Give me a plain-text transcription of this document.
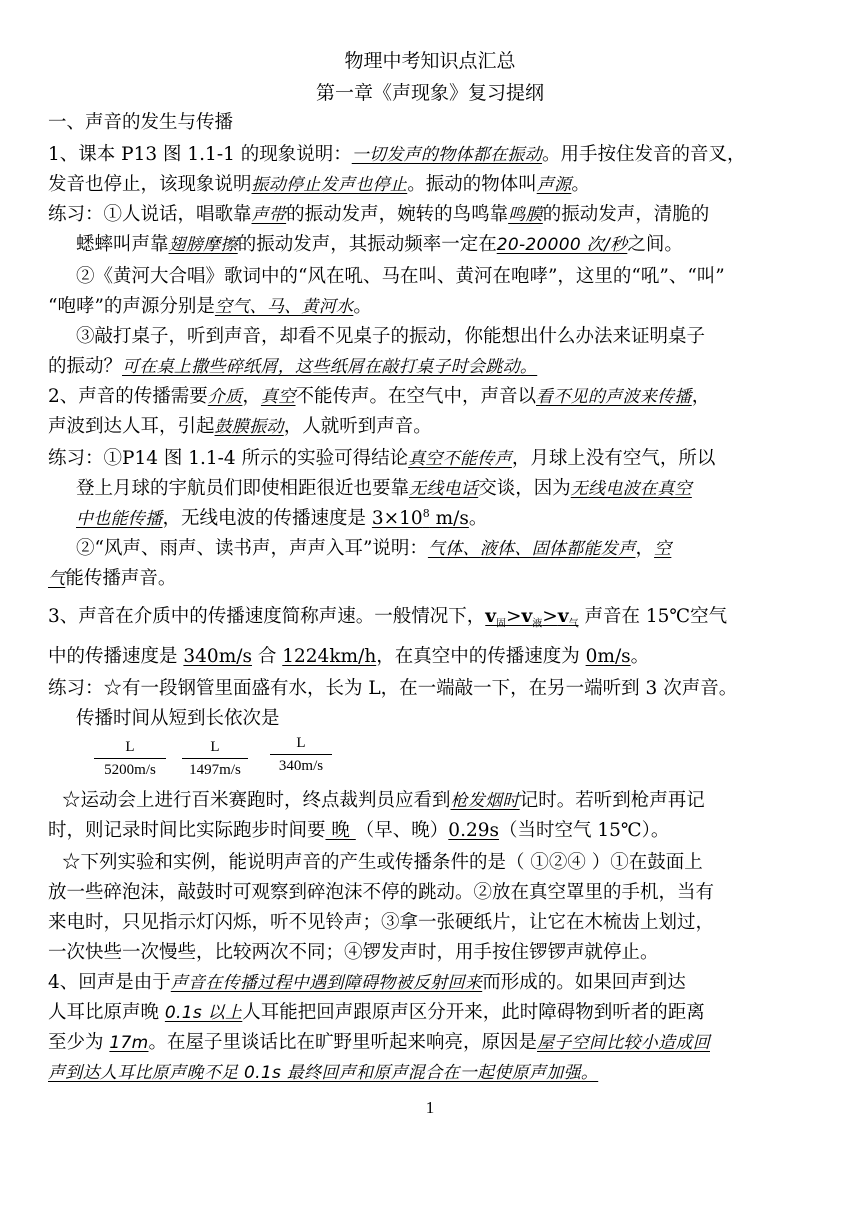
物理中考知识点汇总
第一章《声现象》复习提纲
一、声音的发生与传播
1、课本 P13 图 1.1-1 的现象说明：一切发声的物体都在振动。用手按住发音的音叉，
发音也停止，该现象说明振动停止发声也停止。振动的物体叫声源。
练习：①人说话，唱歌靠声带的振动发声，婉转的鸟鸣靠鸣膜的振动发声，清脆的
蟋蟀叫声靠翅膀摩擦的振动发声，其振动频率一定在20-20000 次/秒之间。
②《黄河大合唱》歌词中的“风在吼、马在叫、黄河在咆哮”，这里的“吼”、“叫”
“咆哮”的声源分别是空气、马、黄河水。
③敲打桌子，听到声音，却看不见桌子的振动，你能想出什么办法来证明桌子
的振动？可在桌上撒些碎纸屑，这些纸屑在敲打桌子时会跳动。
2、声音的传播需要介质，真空不能传声。在空气中，声音以看不见的声波来传播，
声波到达人耳，引起鼓膜振动，人就听到声音。
练习：①P14 图 1.1-4 所示的实验可得结论真空不能传声，月球上没有空气，所以
登上月球的宇航员们即使相距很近也要靠无线电话交谈，因为无线电波在真空
中也能传播，无线电波的传播速度是 $3\times 10^8$ m/s。
②“风声、雨声、读书声，声声入耳”说明：气体、液体、固体都能发声，空
气能传播声音。
3、声音在介质中的传播速度简称声速。一般情况下，$v_固>v_液>v_气$ 声音在 15℃空气
中的传播速度是 340m/s 合 1224km/h，在真空中的传播速度为 0m/s。
练习：☆有一段钢管里面盛有水，长为 L，在一端敲一下，在另一端听到 3 次声音。
传播时间从短到长依次是
L
5200m/s
L
1497m/s
L
340m/s
☆运动会上进行百米赛跑时，终点裁判员应看到枪发烟时记时。若听到枪声再记
时，则记录时间比实际跑步时间要 晚 （早、晚）0.29s（当时空气 15℃）。
☆下列实验和实例，能说明声音的产生或传播条件的是（ ①②④ ）①在鼓面上
放一些碎泡沫，敲鼓时可观察到碎泡沫不停的跳动。②放在真空罩里的手机，当有
来电时，只见指示灯闪烁，听不见铃声；③拿一张硬纸片，让它在木梳齿上划过，
一次快些一次慢些，比较两次不同；④锣发声时，用手按住锣锣声就停止。
4、回声是由于声音在传播过程中遇到障碍物被反射回来而形成的。如果回声到达
人耳比原声晚 0.1s 以上人耳能把回声跟原声区分开来，此时障碍物到听者的距离
至少为 17m。在屋子里谈话比在旷野里听起来响亮，原因是屋子空间比较小造成回
声到达人耳比原声晚不足 0.1s 最终回声和原声混合在一起使原声加强。
1
